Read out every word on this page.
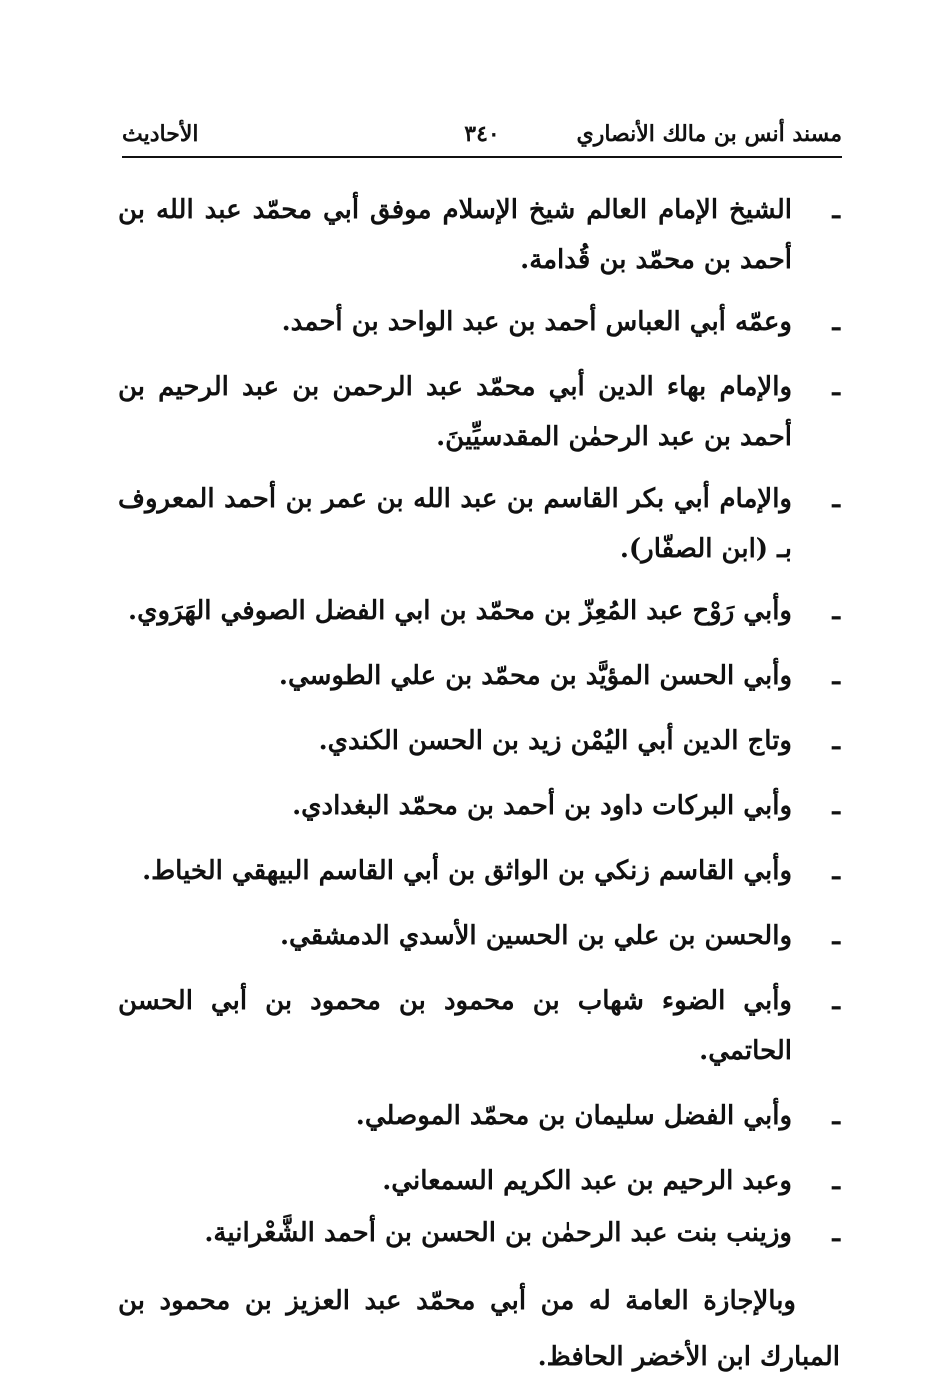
مسند أنس بن مالك الأنصاري
٣٤٠
الأحاديث

ـ
الشيخ الإمام العالم شيخ الإسلام موفق أبي محمّد عبد الله بن أحمد بن محمّد بن قُدامة.

ـ
وعمّه أبي العباس أحمد بن عبد الواحد بن أحمد.

ـ
والإمام بهاء الدين أبي محمّد عبد الرحمن بن عبد الرحيم بن أحمد بن عبد الرحمٰن المقدسيِّينَ.

ـ
والإمام أبي بكر القاسم بن عبد الله بن عمر بن أحمد المعروف بـ (ابن الصفّار).

ـ
وأبي رَوْح عبد المُعِزّ بن محمّد بن ابي الفضل الصوفي الهَرَوي.

ـ
وأبي الحسن المؤيَّد بن محمّد بن علي الطوسي.

ـ
وتاج الدين أبي اليُمْن زيد بن الحسن الكندي.

ـ
وأبي البركات داود بن أحمد بن محمّد البغدادي.

ـ
وأبي القاسم زنكي بن الواثق بن أبي القاسم البيهقي الخياط.

ـ
والحسن بن علي بن الحسين الأسدي الدمشقي.

ـ
وأبي الضوء شهاب بن محمود بن محمود بن أبي الحسن الحاتمي.

ـ
وأبي الفضل سليمان بن محمّد الموصلي.

ـ
وعبد الرحيم بن عبد الكريم السمعاني.

ـ
وزينب بنت عبد الرحمٰن بن الحسن بن أحمد الشَّعْرانية.

وبالإجازة العامة له من أبي محمّد عبد العزيز بن محمود بن المبارك ابن الأخضر الحافظ.
